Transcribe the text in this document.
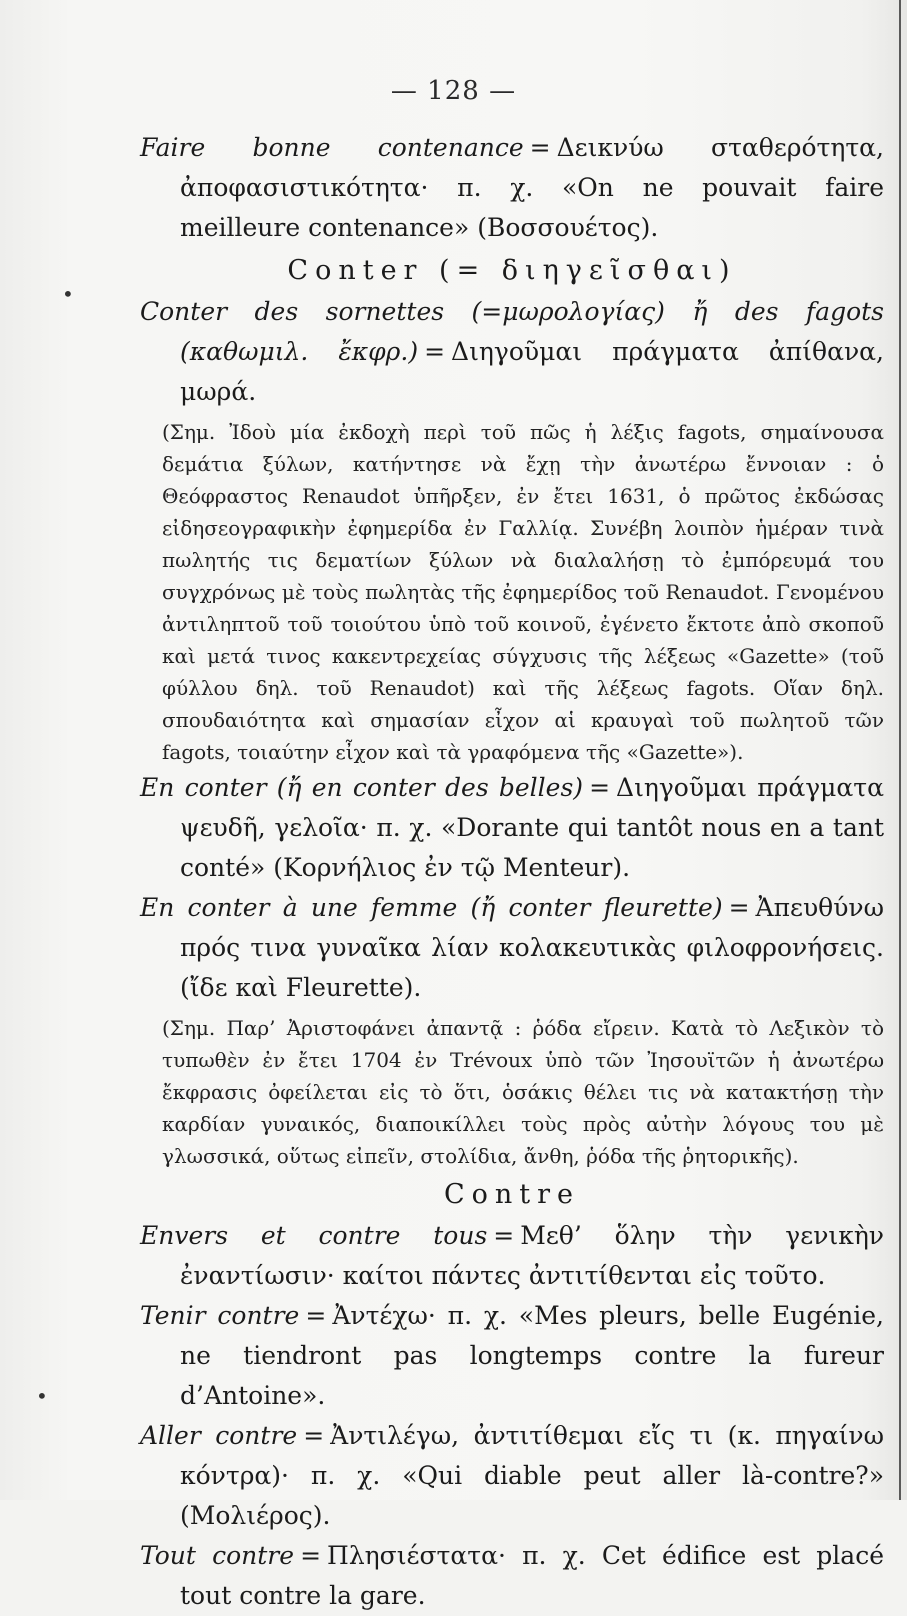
— 128 —
•

Faire bonne contenance = Δεικνύω σταθερότητα, ἀποφασιστικότητα· π. χ. «On ne pouvait faire meilleure contenance» (Βοσσουέτος).

Conter (= διηγεῖσθαι)

Conter des sornettes (=μωρολογίας) ἤ des fagots (καθωμιλ. ἔκφρ.) = Διηγοῦμαι πράγματα ἀπίθανα, μωρά.

(Σημ. Ἰδοὺ μία ἐκδοχὴ περὶ τοῦ πῶς ἡ λέξις fagots, σημαίνουσα δεμάτια ξύλων, κατήντησε νὰ ἔχῃ τὴν ἀνωτέρω ἔννοιαν : ὁ Θεόφραστος Renaudot ὑπῆρξεν, ἐν ἔτει 1631, ὁ πρῶτος ἐκδώσας εἰδησεογραφικὴν ἐφημερίδα ἐν Γαλλίᾳ. Συνέβη λοιπὸν ἡμέραν τινὰ πωλητής τις δεματίων ξύλων νὰ διαλαλήσῃ τὸ ἐμπόρευμά του συγχρόνως μὲ τοὺς πωλητὰς τῆς ἐφημερίδος τοῦ Renaudot. Γενομένου ἀντιληπτοῦ τοῦ τοιούτου ὑπὸ τοῦ κοινοῦ, ἐγένετο ἔκτοτε ἀπὸ σκοποῦ καὶ μετά τινος κακεντρεχείας σύγχυσις τῆς λέξεως «Gazette» (τοῦ φύλλου δηλ. τοῦ Renaudot) καὶ τῆς λέξεως fagots. Οἵαν δηλ. σπουδαιότητα καὶ σημασίαν εἶχον αἱ κραυγαὶ τοῦ πωλητοῦ τῶν fagots, τοιαύτην εἶχον καὶ τὰ γραφόμενα τῆς «Gazette»).

En conter (ἤ en conter des belles) = Διηγοῦμαι πράγματα ψευδῆ, γελοῖα· π. χ. «Dorante qui tantôt nous en a tant conté» (Κορνήλιος ἐν τῷ Menteur).

En conter à une femme (ἤ conter fleurette) = Ἀπευθύνω πρός τινα γυναῖκα λίαν κολακευτικὰς φιλοφρονήσεις. (ἴδε καὶ Fleurette).

(Σημ. Παρ’ Ἀριστοφάνει ἀπαντᾷ : ῥόδα εἴρειν. Κατὰ τὸ Λεξικὸν τὸ τυπωθὲν ἐν ἔτει 1704 ἐν Trévoux ὑπὸ τῶν Ἰησουϊτῶν ἡ ἀνωτέρω ἔκφρασις ὀφείλεται εἰς τὸ ὅτι, ὁσάκις θέλει τις νὰ κατακτήσῃ τὴν καρδίαν γυναικός, διαποικίλλει τοὺς πρὸς αὐτὴν λόγους του μὲ γλωσσικά, οὕτως εἰπεῖν, στολίδια, ἄνθη, ῥόδα τῆς ῥητορικῆς).

Contre

Envers et contre tous = Μεθ’ ὅλην τὴν γενικὴν ἐναντίωσιν· καίτοι πάντες ἀντιτίθενται εἰς τοῦτο.

Tenir contre = Ἀντέχω· π. χ. «Mes pleurs, belle Eugénie, ne tiendront pas longtemps contre la fureur d’Antoine».

Aller contre = Ἀντιλέγω, ἀντιτίθεμαι εἴς τι (κ. πηγαίνω κόντρα)· π. χ. «Qui diable peut aller là-contre?» (Μολιέρος).

Tout contre = Πλησιέστατα· π. χ. Cet édifice est placé tout contre la gare.

•
